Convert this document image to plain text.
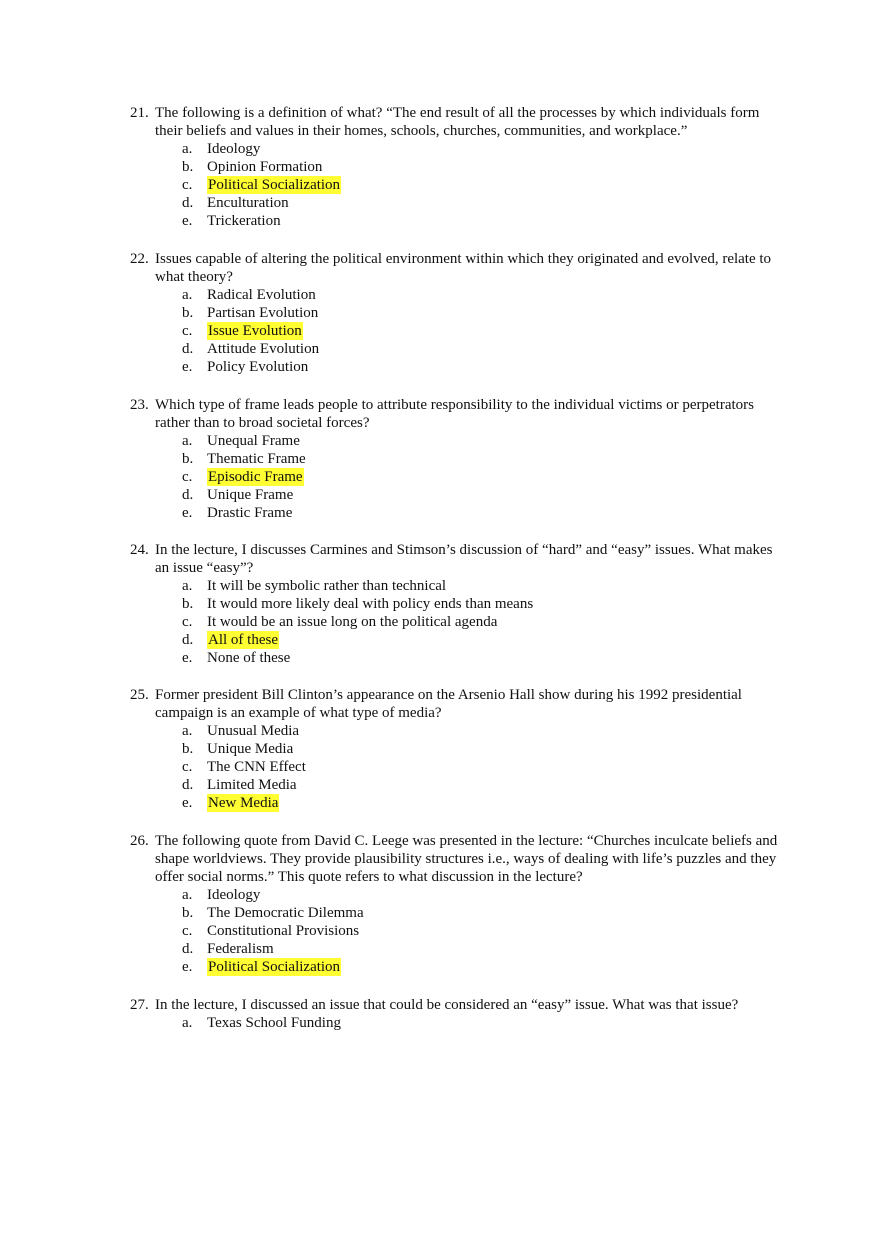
21. The following is a definition of what? “The end result of all the processes by which individuals form their beliefs and values in their homes, schools, churches, communities, and workplace.”
a. Ideology
b. Opinion Formation
c.	Political Socialization
d. Enculturation
e. Trickeration
22. Issues capable of altering the political environment within which they originated and evolved, relate to what theory?
a. Radical Evolution
b. Partisan Evolution
c.	Issue Evolution
d. Attitude Evolution
e. Policy Evolution
23. Which type of frame leads people to attribute responsibility to the individual victims or perpetrators rather than to broad societal forces?
a. Unequal Frame
b. Thematic Frame
c.	Episodic Frame
d. Unique Frame
e. Drastic Frame
24. In the lecture, I discusses Carmines and Stimson’s discussion of “hard” and “easy” issues. What makes an issue “easy”?
a. It will be symbolic rather than technical
b. It would more likely deal with policy ends than means
c. It would be an issue long on the political agenda
d. All of these
e. None of these
25. Former president Bill Clinton’s appearance on the Arsenio Hall show during his 1992 presidential campaign is an example of what type of media?
a. Unusual Media
b. Unique Media
c. The CNN Effect
d. Limited Media
e.	New Media
26. The following quote from David C. Leege was presented in the lecture: “Churches inculcate beliefs and shape worldviews. They provide plausibility structures i.e., ways of dealing with life’s puzzles and they offer social norms.” This quote refers to what discussion in the lecture?
a. Ideology
b. The Democratic Dilemma
c. Constitutional Provisions
d. Federalism
e.	Political Socialization
27. In the lecture, I discussed an issue that could be considered an “easy” issue. What was that issue?
a. Texas School Funding
